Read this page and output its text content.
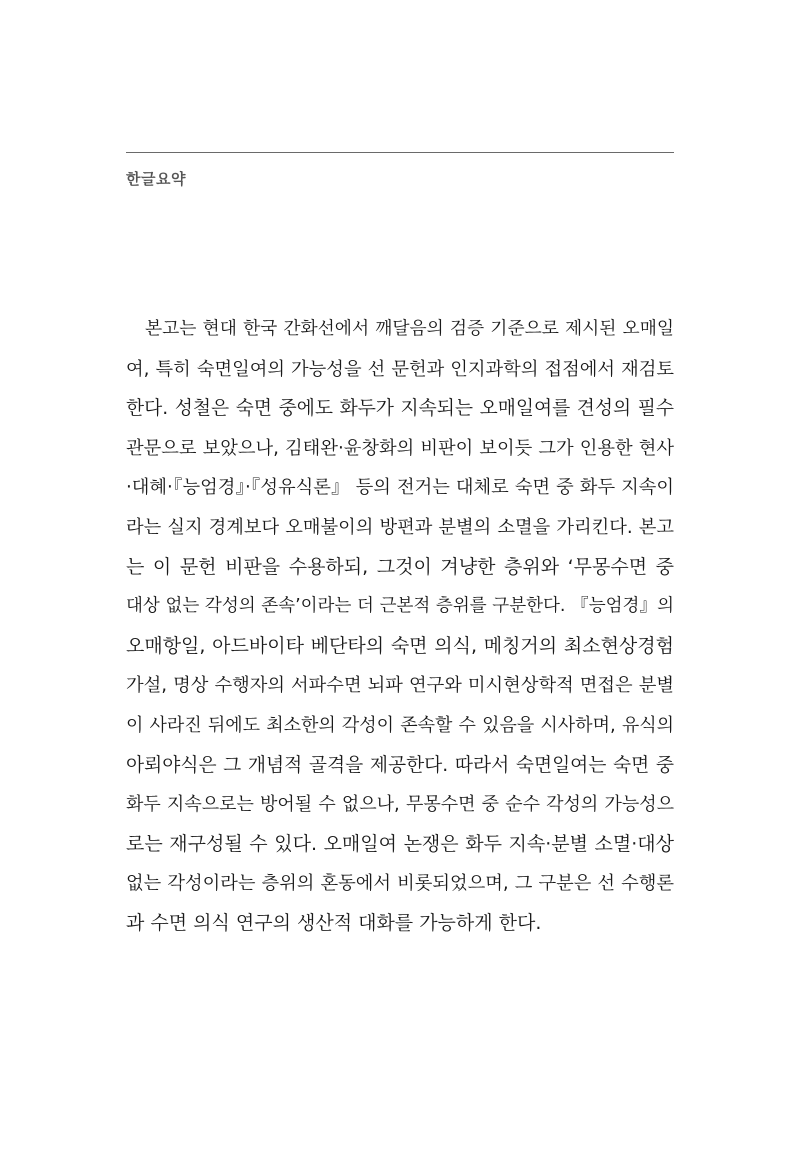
한글요약
본고는 현대 한국 간화선에서 깨달음의 검증 기준으로 제시된 오매일
여, 특히 숙면일여의 가능성을 선 문헌과 인지과학의 접점에서 재검토
한다. 성철은 숙면 중에도 화두가 지속되는 오매일여를 견성의 필수
관문으로 보았으나, 김태완·윤창화의 비판이 보이듯 그가 인용한 현사
·대혜·『능엄경』·『성유식론』 등의 전거는 대체로 숙면 중 화두 지속이
라는 실지 경계보다 오매불이의 방편과 분별의 소멸을 가리킨다. 본고
는 이 문헌 비판을 수용하되, 그것이 겨냥한 층위와 ‘무몽수면 중
대상 없는 각성의 존속’이라는 더 근본적 층위를 구분한다. 『능엄경』의
오매항일, 아드바이타 베단타의 숙면 의식, 메칭거의 최소현상경험
가설, 명상 수행자의 서파수면 뇌파 연구와 미시현상학적 면접은 분별
이 사라진 뒤에도 최소한의 각성이 존속할 수 있음을 시사하며, 유식의
아뢰야식은 그 개념적 골격을 제공한다. 따라서 숙면일여는 숙면 중
화두 지속으로는 방어될 수 없으나, 무몽수면 중 순수 각성의 가능성으
로는 재구성될 수 있다. 오매일여 논쟁은 화두 지속·분별 소멸·대상
없는 각성이라는 층위의 혼동에서 비롯되었으며, 그 구분은 선 수행론
과 수면 의식 연구의 생산적 대화를 가능하게 한다.
